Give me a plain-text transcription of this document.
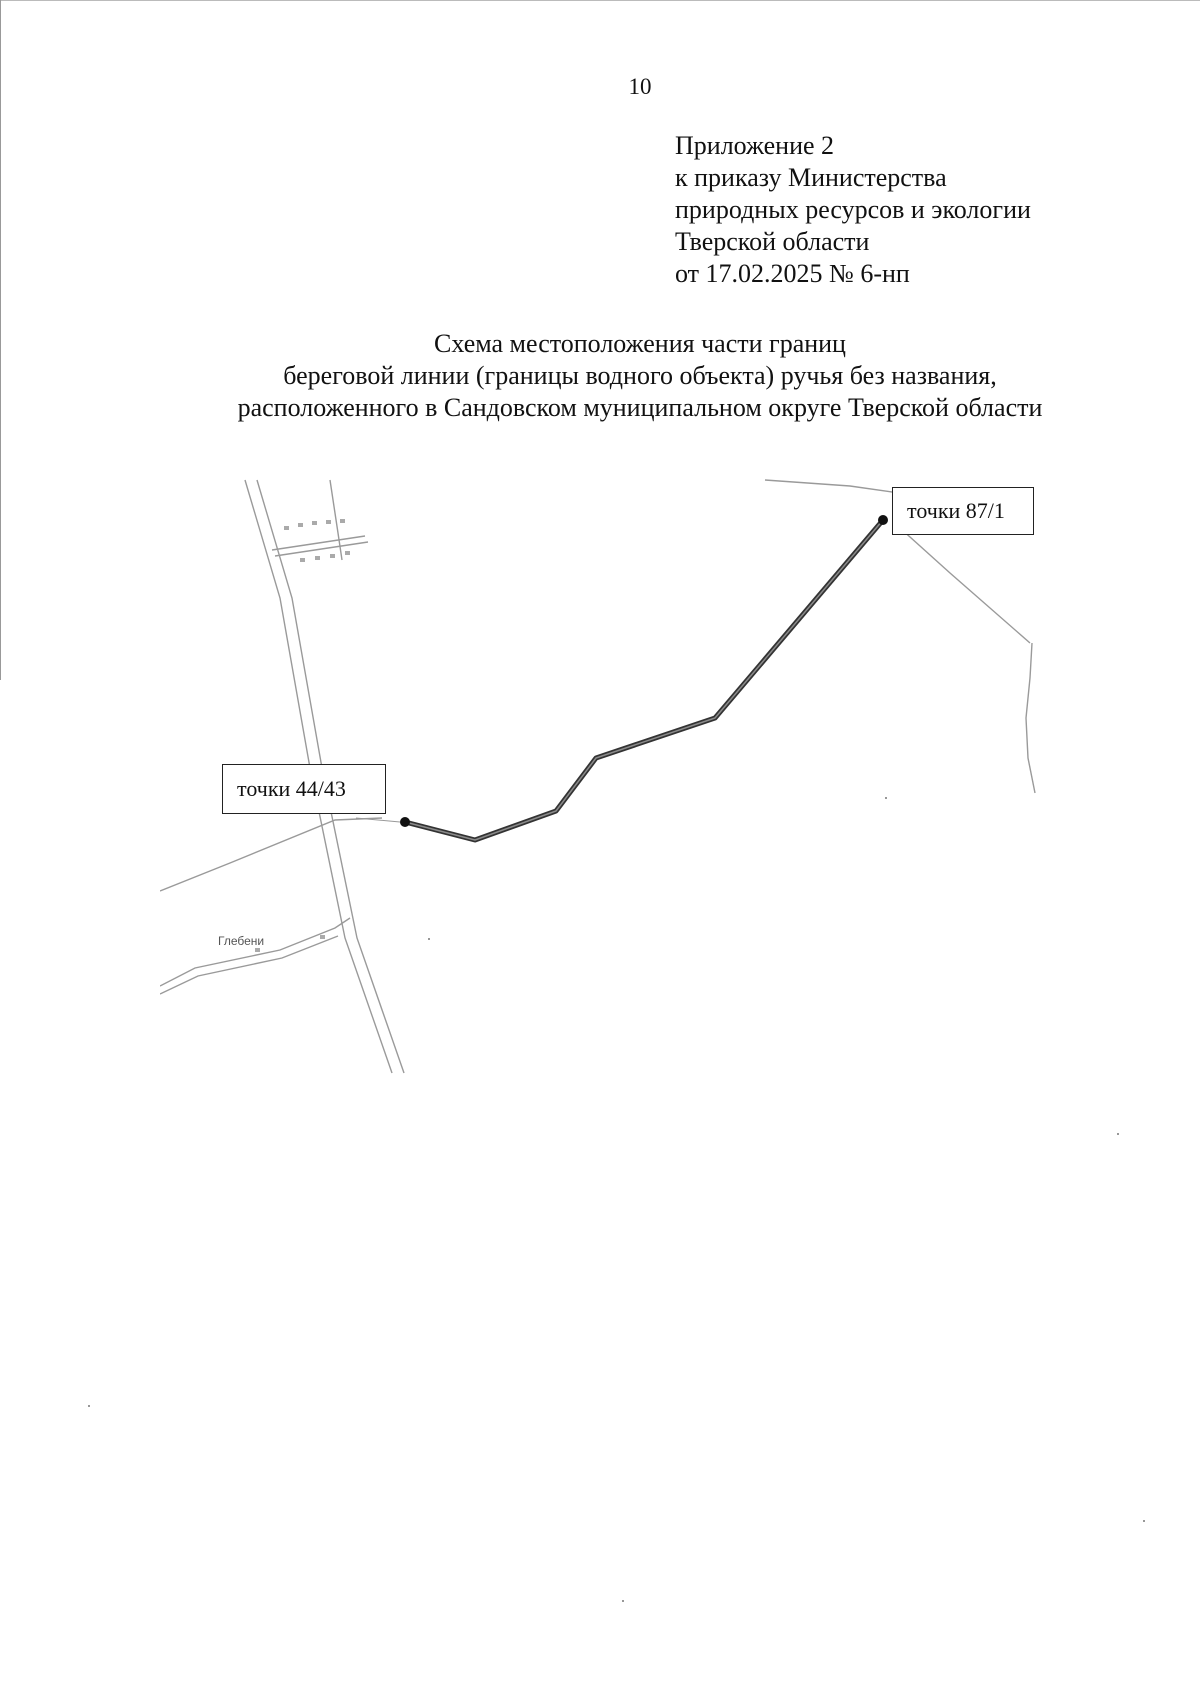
10
Приложение 2
к приказу Министерства
природных ресурсов и экологии
Тверской области
от 17.02.2025 № 6-нп
Схема местоположения части границ
береговой линии (границы водного объекта) ручья без названия,
расположенного в Сандовском муниципальном округе Тверской области
Глебени
точки 44/43
точки 87/1
